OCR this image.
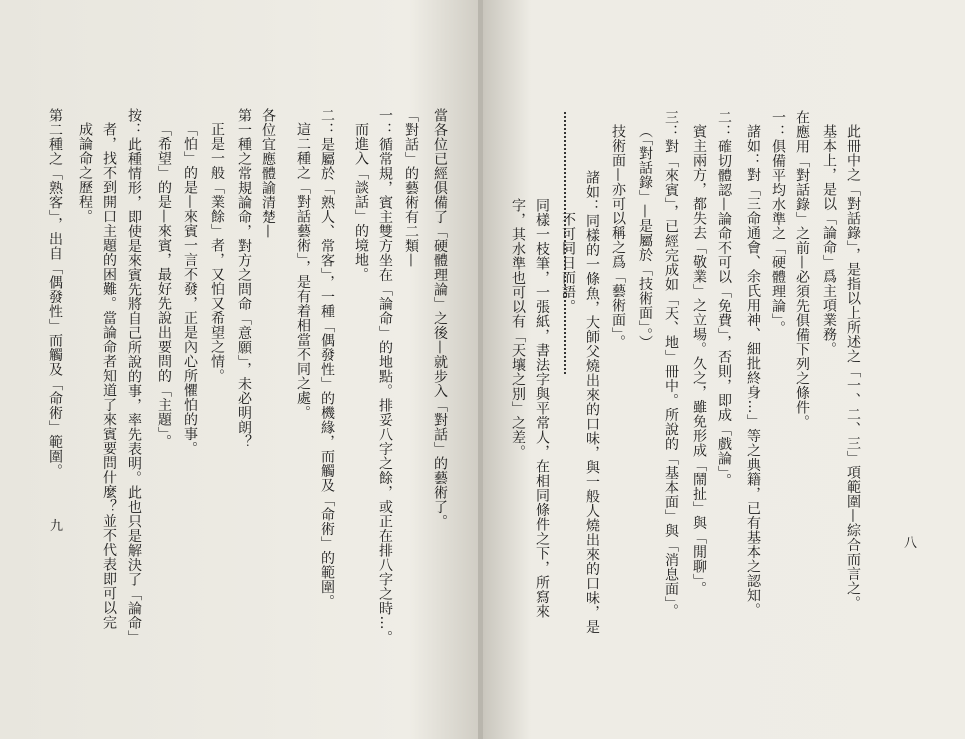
當各位已經俱備了「硬體理論」之後—就步入「對話」的藝術了。
「對話」的藝術有二類—
一：循常規，賓主雙方坐在「論命」的地點。排妥八字之餘，或正在排八字之時…。
而進入「談話」的境地。
二：是屬於「熟人、常客」，一種「偶發性」的機緣，而觸及「命術」的範圍。
這二種之「對話藝術」，是有着相當不同之處。
各位宜應體諭清楚—
第一種之常規論命，對方之問命「意願」，未必明朗？
正是一般「業餘」者，又怕又希望之情。
「怕」的是—來賓一言不發，正是內心所懼怕的事。
「希望」的是—來賓，最好先說出要問的「主題」。
按：此種情形，即使是來賓先將自己所說的事，率先表明。此也只是解決了「論命」
者，找不到開口主題的困難。當論命者知道了來賓要問什麼？並不代表即可以完
成論命之歷程。
第二種之「熟客」，出自「偶發性」而觸及「命術」範圍。
九	此冊中之「對話錄」，是指以上所述之「一、二、三」項範圍—綜合而言之。
基本上，是以「論命」爲主項業務。
在應用「對話錄」之前—必須先俱備下列之條件。
一：俱備平均水準之「硬體理論」。
諸如：對「三命通會、余氏用神、細批終身…」等之典籍，已有基本之認知。
二：確切體認—論命不可以「免費」，否則，即成「戲論」。
賓主兩方，都失去「敬業」之立場。久之，雖免形成「鬧扯」與「閒聊」。
三：對「來賓」，已經完成如「天、地」冊中。所說的「基本面」與「消息面」。
（「對話錄」—是屬於「技術面」。）
技術面—亦可以稱之爲「藝術面」。
諸如：同樣的一條魚，大師父燒出來的口味，與一般人燒出來的口味，是
不可同日而語。
同樣一枝筆，一張紙，書法字與平常人，在相同條件之下，所寫來
字，其水準也可以有「天壤之別」之差。
八
